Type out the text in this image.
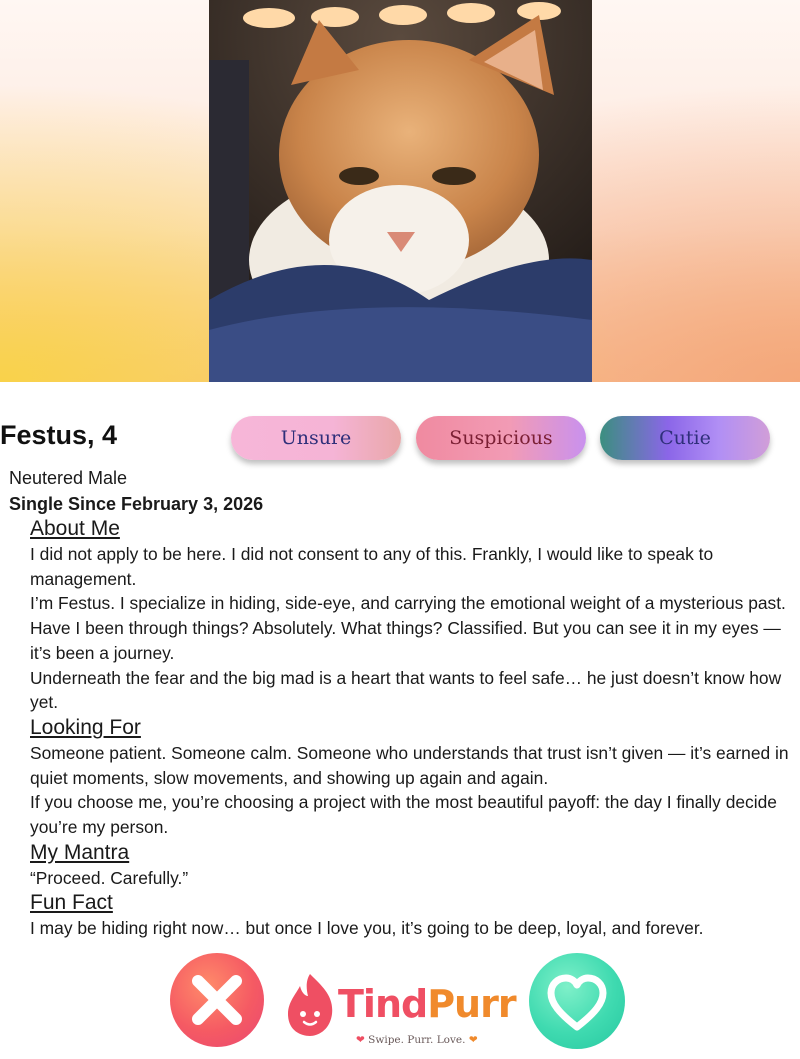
Festus, 4	Unsure	Suspicious	Cutie
Neutered Male
Single Since February 3, 2026

About Me

I did not apply to be here. I did not consent to any of this. Frankly, I would like to speak to management.

I’m Festus. I specialize in hiding, side-eye, and carrying the emotional weight of a mysterious past. Have I been through things? Absolutely. What things? Classified. But you can see it in my eyes — it’s been a journey.

Underneath the fear and the big mad is a heart that wants to feel safe… he just doesn’t know how yet.

Looking For

Someone patient. Someone calm. Someone who understands that trust isn’t given — it’s earned in quiet moments, slow movements, and showing up again and again.

If you choose me, you’re choosing a project with the most beautiful payoff: the day I finally decide you’re my person.

My Mantra

“Proceed. Carefully.”

Fun Fact

I may be hiding right now… but once I love you, it’s going to be deep, loyal, and forever.

TindPurr
❤ Swipe. Purr. Love. ❤
